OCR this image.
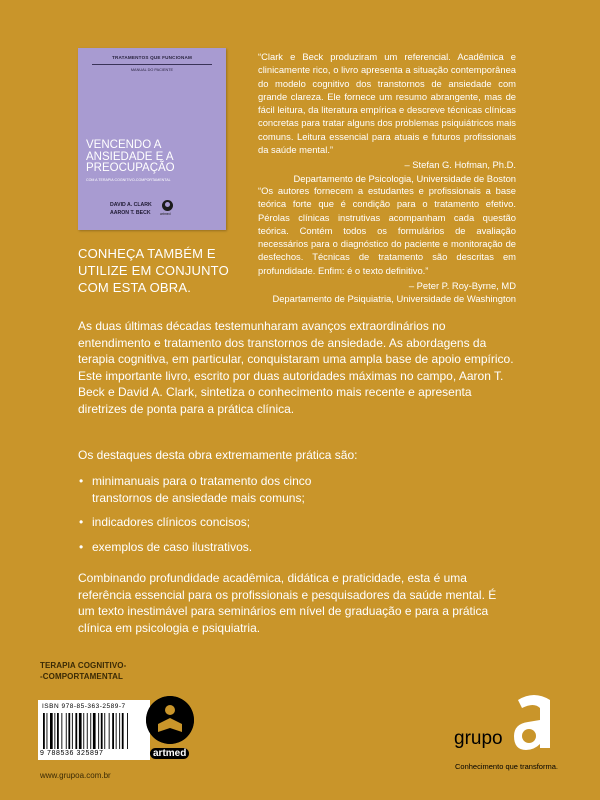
TRATAMENTOS QUE FUNCIONAM
MANUAL DO PACIENTE
VENCENDO A
ANSIEDADE E A
PREOCUPAÇÃO
COM A TERAPIA COGNITIVO-COMPORTAMENTAL
DAVID A. CLARK
AARON T. BECK	artmed
CONHEÇA TAMBÉM E UTILIZE EM CONJUNTO COM ESTA OBRA.
“Clark e Beck produziram um referencial. Acadêmica e clinicamente rico, o livro apresenta a situação contemporânea do modelo cognitivo dos transtornos de ansiedade com grande clareza. Ele fornece um resumo abrangente, mas de fácil leitura, da literatura empírica e descreve técnicas clínicas concretas para tratar alguns dos problemas psiquiátricos mais comuns. Leitura essencial para atuais e futuros profissionais da saúde mental.”
– Stefan G. Hofman, Ph.D.
Departamento de Psicologia, Universidade de Boston
“Os autores fornecem a estudantes e profissionais a base teórica forte que é condição para o tratamento efetivo. Pérolas clínicas instrutivas acompanham cada questão teórica. Contém todos os formulários de avaliação necessários para o diagnóstico do paciente e monitoração de desfechos. Técnicas de tratamento são descritas em profundidade. Enfim: é o texto definitivo.”
– Peter P. Roy-Byrne, MD
Departamento de Psiquiatria, Universidade de Washington
As duas últimas décadas testemunharam avanços extraordinários no entendimento e tratamento dos transtornos de ansiedade. As abordagens da terapia cognitiva, em particular, conquistaram uma ampla base de apoio empírico. Este importante livro, escrito por duas autoridades máximas no campo, Aaron T. Beck e David A. Clark, sintetiza o conhecimento mais recente e apresenta diretrizes de ponta para a prática clínica.
Os destaques desta obra extremamente prática são:
• minimanuais para o tratamento dos cinco transtornos de ansiedade mais comuns;
• indicadores clínicos concisos;
• exemplos de caso ilustrativos.
Combinando profundidade acadêmica, didática e praticidade, esta é uma referência essencial para os profissionais e pesquisadores da saúde mental. É um texto inestimável para seminários em nível de graduação e para a prática clínica em psicologia e psiquiatria.
TERAPIA COGNITIVO-
-COMPORTAMENTAL
ISBN 978-85-363-2589-7
9 788536 325897	artmed
grupo
Conhecimento que transforma.
www.grupoa.com.br
